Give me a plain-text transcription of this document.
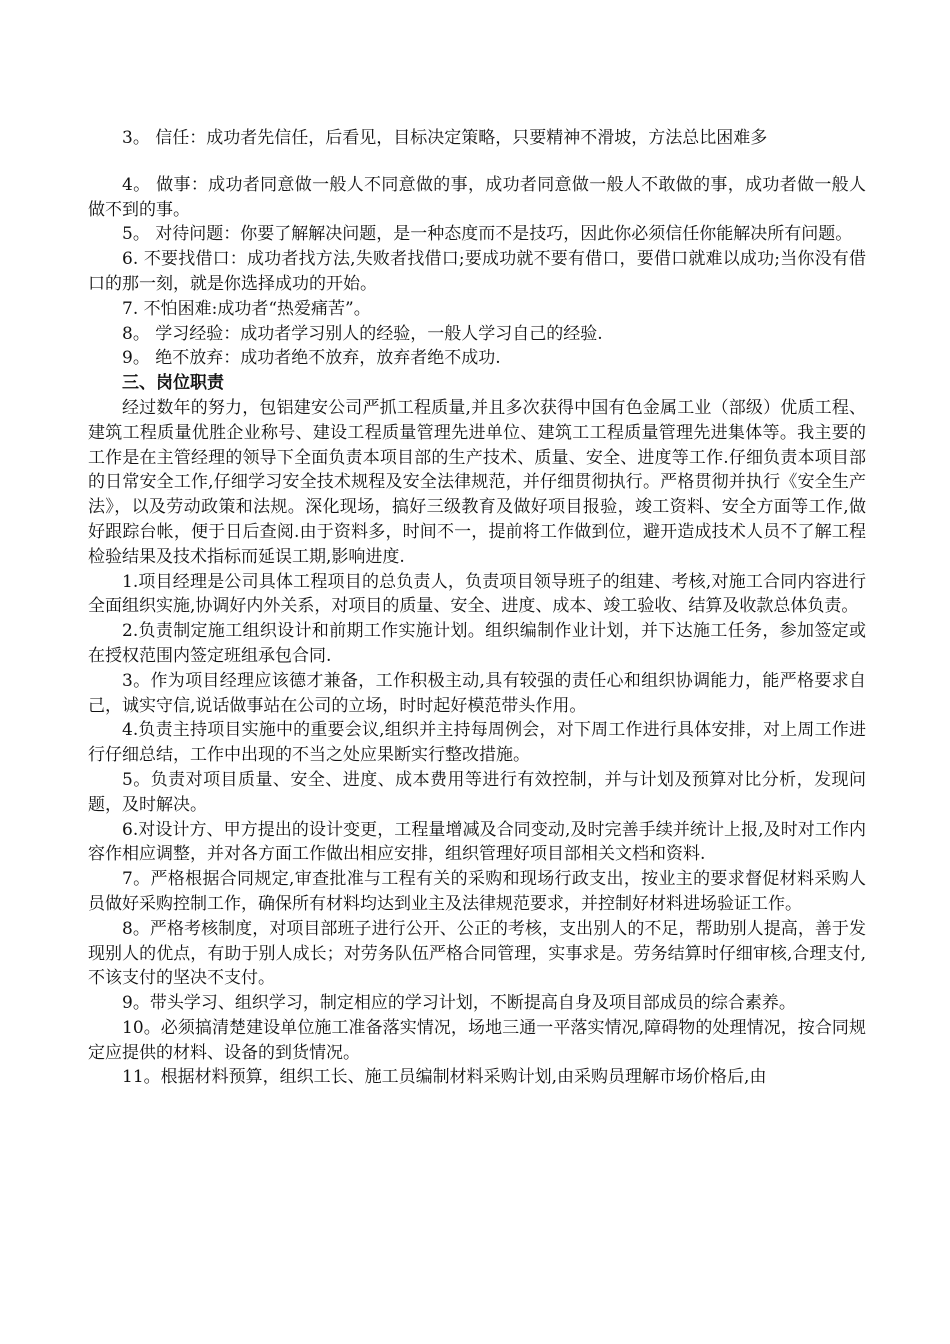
3。 信任：成功者先信任，后看见，目标决定策略，只要精神不滑坡，方法总比困难多

4。 做事：成功者同意做一般人不同意做的事，成功者同意做一般人不敢做的事，成功者做一般人做不到的事。

5。 对待问题：你要了解解决问题，是一种态度而不是技巧，因此你必须信任你能解决所有问题。

6. 不要找借口：成功者找方法,失败者找借口;要成功就不要有借口，要借口就难以成功;当你没有借口的那一刻，就是你选择成功的开始。

7. 不怕困难:成功者“热爱痛苦”。

8。 学习经验：成功者学习别人的经验，一般人学习自己的经验.

9。 绝不放弃：成功者绝不放弃，放弃者绝不成功.

三、岗位职责

经过数年的努力，包铝建安公司严抓工程质量,并且多次获得中国有色金属工业（部级）优质工程、建筑工程质量优胜企业称号、建设工程质量管理先进单位、建筑工工程质量管理先进集体等。我主要的工作是在主管经理的领导下全面负责本项目部的生产技术、质量、安全、进度等工作.仔细负责本项目部的日常安全工作,仔细学习安全技术规程及安全法律规范，并仔细贯彻执行。严格贯彻并执行《安全生产法》，以及劳动政策和法规。深化现场，搞好三级教育及做好项目报验，竣工资料、安全方面等工作,做好跟踪台帐，便于日后查阅.由于资料多，时间不一，提前将工作做到位，避开造成技术人员不了解工程检验结果及技术指标而延误工期,影响进度.

1.项目经理是公司具体工程项目的总负责人，负责项目领导班子的组建、考核,对施工合同内容进行全面组织实施,协调好内外关系，对项目的质量、安全、进度、成本、竣工验收、结算及收款总体负责。

2.负责制定施工组织设计和前期工作实施计划。组织编制作业计划，并下达施工任务，参加签定或在授权范围内签定班组承包合同.

3。作为项目经理应该德才兼备，工作积极主动,具有较强的责任心和组织协调能力，能严格要求自己，诚实守信,说话做事站在公司的立场，时时起好模范带头作用。

4.负责主持项目实施中的重要会议,组织并主持每周例会，对下周工作进行具体安排，对上周工作进行仔细总结，工作中出现的不当之处应果断实行整改措施。

5。负责对项目质量、安全、进度、成本费用等进行有效控制，并与计划及预算对比分析，发现问题，及时解决。

6.对设计方、甲方提出的设计变更，工程量增减及合同变动,及时完善手续并统计上报,及时对工作内容作相应调整，并对各方面工作做出相应安排，组织管理好项目部相关文档和资料.

7。严格根据合同规定,审查批准与工程有关的采购和现场行政支出，按业主的要求督促材料采购人员做好采购控制工作，确保所有材料均达到业主及法律规范要求，并控制好材料进场验证工作。

8。严格考核制度，对项目部班子进行公开、公正的考核，支出别人的不足，帮助别人提高，善于发现别人的优点，有助于别人成长；对劳务队伍严格合同管理，实事求是。劳务结算时仔细审核,合理支付,不该支付的坚决不支付。

9。带头学习、组织学习，制定相应的学习计划，不断提高自身及项目部成员的综合素养。

10。必须搞清楚建设单位施工准备落实情况，场地三通一平落实情况,障碍物的处理情况，按合同规定应提供的材料、设备的到货情况。

11。根据材料预算，组织工长、施工员编制材料采购计划,由采购员理解市场价格后,由
